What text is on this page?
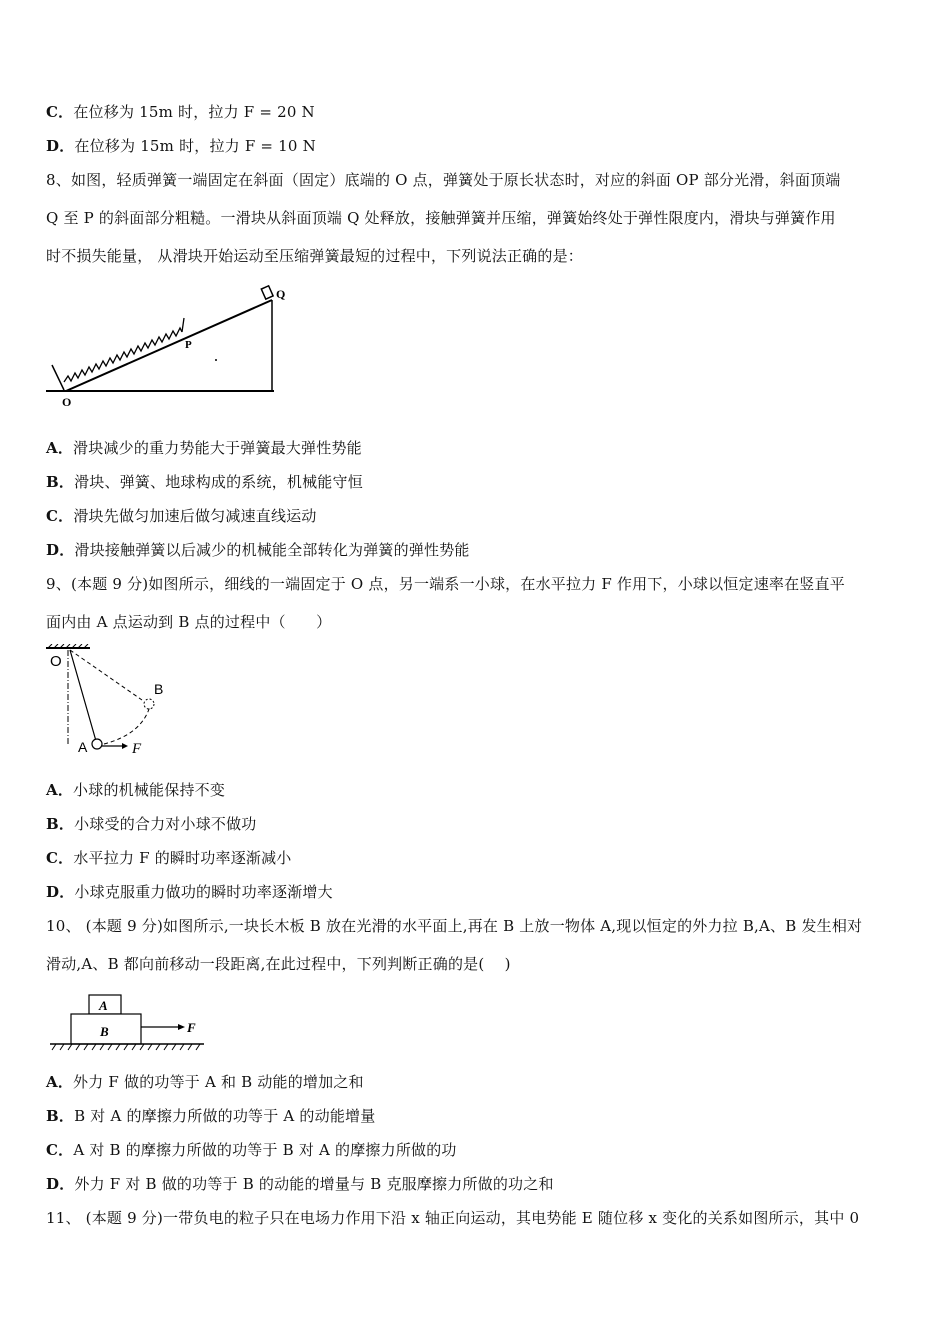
C．在位移为 15m 时，拉力 F = 20 N
D．在位移为 15m 时，拉力 F = 10 N
8、如图，轻质弹簧一端固定在斜面（固定）底端的 O 点，弹簧处于原长状态时，对应的斜面 OP 部分光滑，斜面顶端
Q 至 P 的斜面部分粗糙。一滑块从斜面顶端 Q 处释放，接触弹簧并压缩，弹簧始终处于弹性限度内，滑块与弹簧作用
时不损失能量， 从滑块开始运动至压缩弹簧最短的过程中，下列说法正确的是：
O
P
Q
A．滑块减少的重力势能大于弹簧最大弹性势能
B．滑块、弹簧、地球构成的系统，机械能守恒
C．滑块先做匀加速后做匀减速直线运动
D．滑块接触弹簧以后减少的机械能全部转化为弹簧的弹性势能
9、(本题 9 分)如图所示，细线的一端固定于 O 点，另一端系一小球，在水平拉力 F 作用下，小球以恒定速率在竖直平
面内由 A 点运动到 B 点的过程中（　　）
O
B
A	F
A．小球的机械能保持不变
B．小球受的合力对小球不做功
C．水平拉力 F 的瞬时功率逐渐减小
D．小球克服重力做功的瞬时功率逐渐增大
10、 (本题 9 分)如图所示,一块长木板 B 放在光滑的水平面上,再在 B 上放一物体 A,现以恒定的外力拉 B,A、B 发生相对
滑动,A、B 都向前移动一段距离,在此过程中，下列判断正确的是(　 )
A
B	F
A．外力 F 做的功等于 A 和 B 动能的增加之和
B．B 对 A 的摩擦力所做的功等于 A 的动能增量
C．A 对 B 的摩擦力所做的功等于 B 对 A 的摩擦力所做的功
D．外力 F 对 B 做的功等于 B 的动能的增量与 B 克服摩擦力所做的功之和
11、 (本题 9 分)一带负电的粒子只在电场力作用下沿 x 轴正向运动，其电势能 E 随位移 x 变化的关系如图所示，其中 0
